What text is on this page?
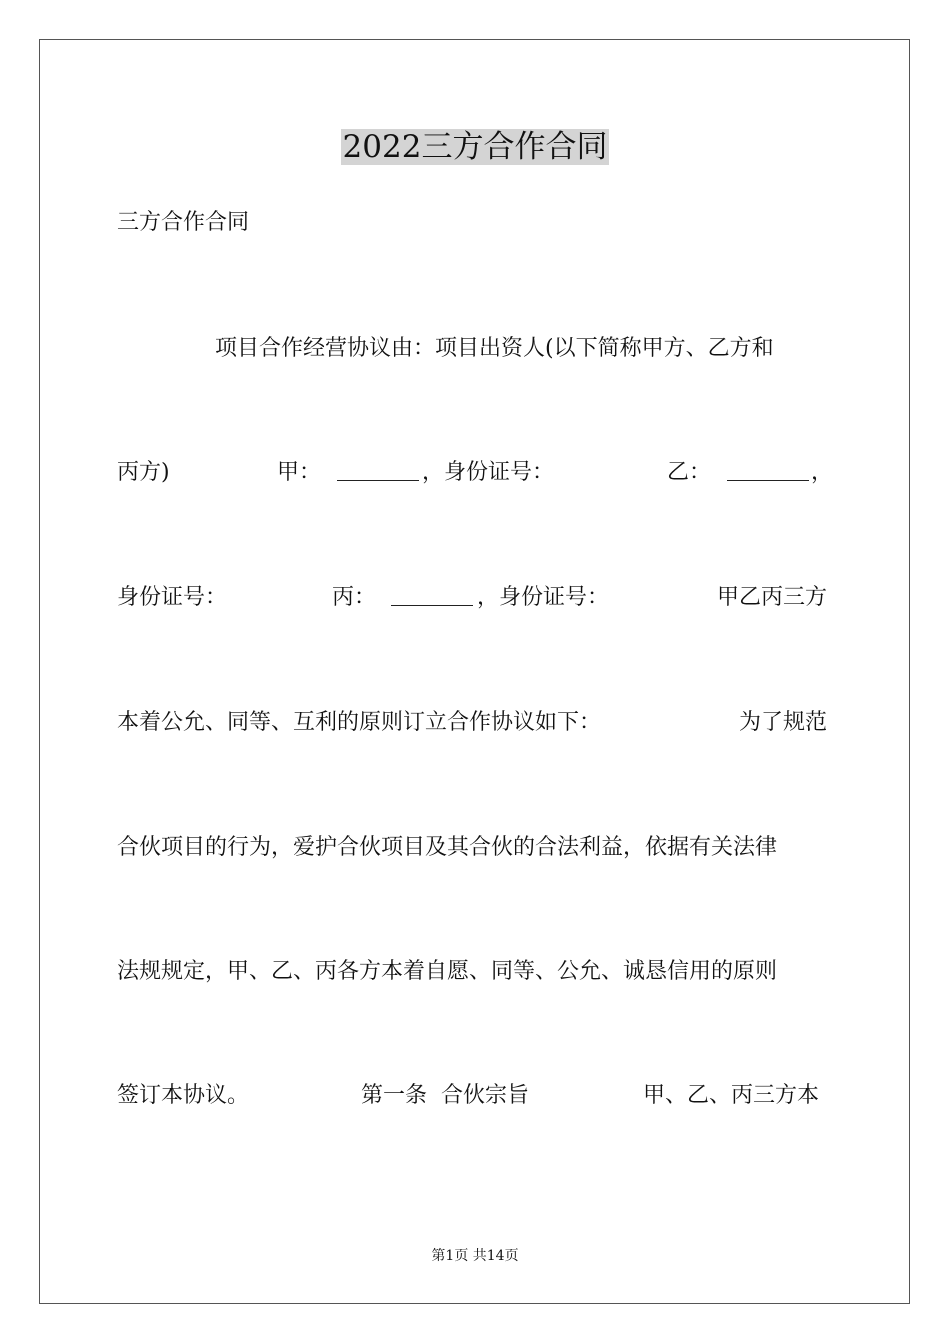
2022三方合作合同
三方合作合同
项目合作经营协议由：项目出资人(以下简称甲方、乙方和
丙方)	甲：	，身份证号：	乙：	，
身份证号：	丙：	，身份证号：	甲乙丙三方
本着公允、同等、互利的原则订立合作协议如下：	为了规范
合伙项目的行为，爱护合伙项目及其合伙的合法利益，依据有关法律
法规规定，甲、乙、丙各方本着自愿、同等、公允、诚恳信用的原则
签订本协议。	第一条  合伙宗旨	甲、乙、丙三方本
第1页 共14页
